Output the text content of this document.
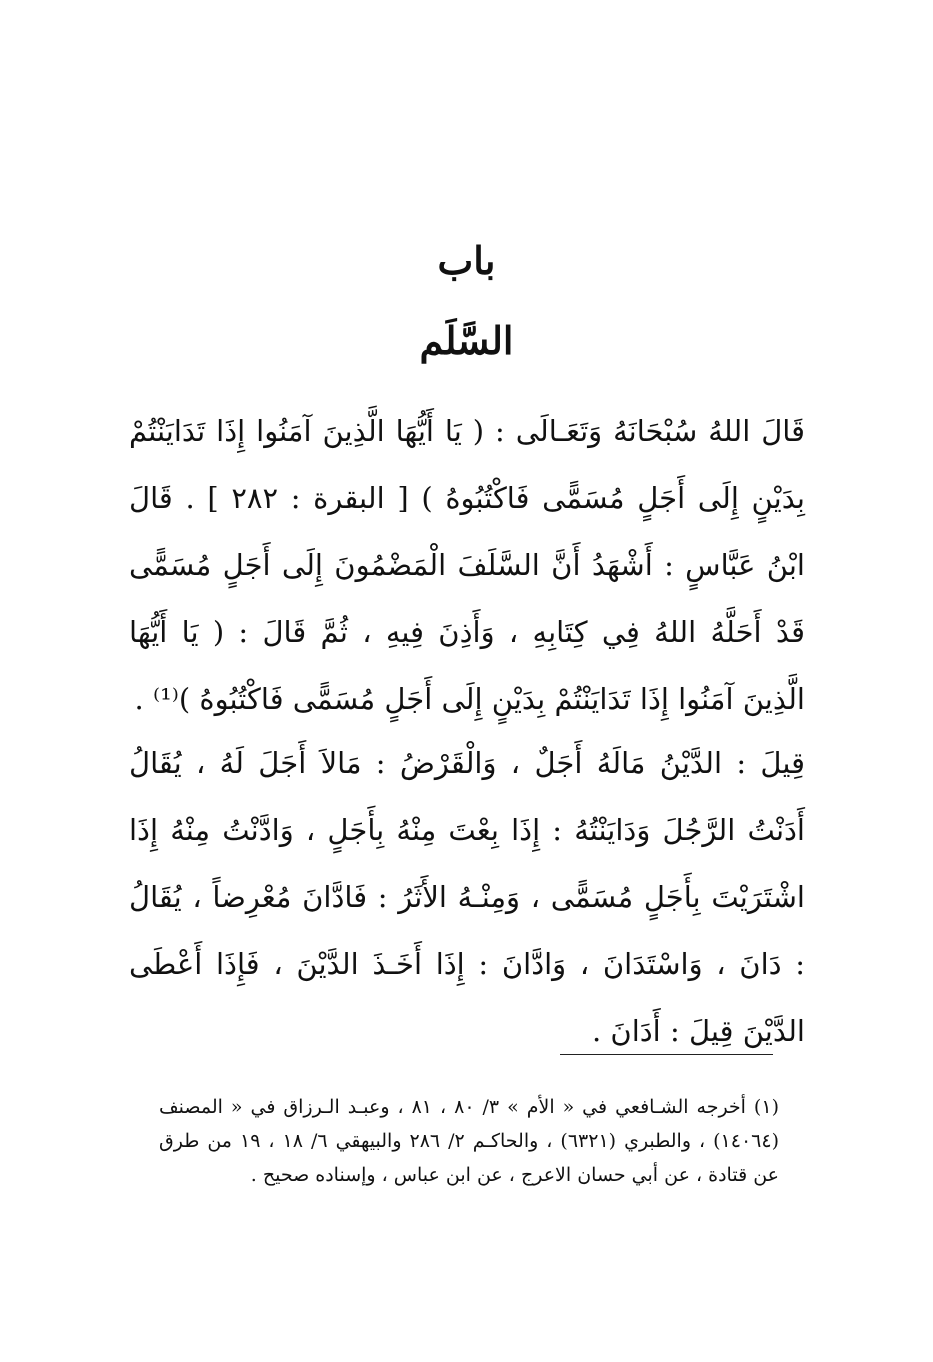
باب
السَّلَم
قَالَ اللهُ سُبْحَانَهُ وَتَعَـالَى : ( يَا أَيُّهَا الَّذِينَ آمَنُوا إِذَا تَدَايَنْتُمْ بِدَيْنٍ إِلَى أَجَلٍ مُسَمًّى فَاكْتُبُوهُ ) [ البقرة : ٢٨٢ ] . قَالَ ابْنُ عَبَّاسٍ : أَشْهَدُ أَنَّ السَّلَفَ الْمَضْمُونَ إِلَى أَجَلٍ مُسَمًّى قَدْ أَحَلَّهُ اللهُ فِي كِتَابِهِ ، وَأَذِنَ فِيهِ ، ثُمَّ قَالَ : ( يَا أَيُّهَا الَّذِينَ آمَنُوا إِذَا تَدَايَنْتُمْ بِدَيْنٍ إِلَى أَجَلٍ مُسَمًّى فَاكْتُبُوهُ )⁽¹⁾ .
قِيلَ : الدَّيْنُ مَالَهُ أَجَلٌ ، وَالْقَرْضُ : مَالاَ أَجَلَ لَهُ ، يُقَالُ أَدَنْتُ الرَّجُلَ وَدَايَنْتُهُ : إِذَا بِعْتَ مِنْهُ بِأَجَلٍ ، وَادَّنْتُ مِنْهُ إِذَا اشْتَرَيْتَ بِأَجَلٍ مُسَمًّى ، وَمِنْـهُ الأَثَرُ : فَادَّانَ مُعْرِضاً ، يُقَالُ : دَانَ ، وَاسْتَدَانَ ، وَادَّانَ : إِذَا أَخَـذَ الدَّيْنَ ، فَإِذَا أَعْطَى الدَّيْنَ قِيلَ : أَدَانَ .
(١) أخرجه الشـافعي في « الأم » ٣/ ٨٠ ، ٨١ ، وعبـد الـرزاق في « المصنف (١٤٠٦٤) ، والطبري (٦٣٢١) ، والحاكـم ٢/ ٢٨٦ والبيهقي ٦/ ١٨ ، ١٩ من طرق عن قتادة ، عن أبي حسان الاعرج ، عن ابن عباس ، وإسناده صحيح .
